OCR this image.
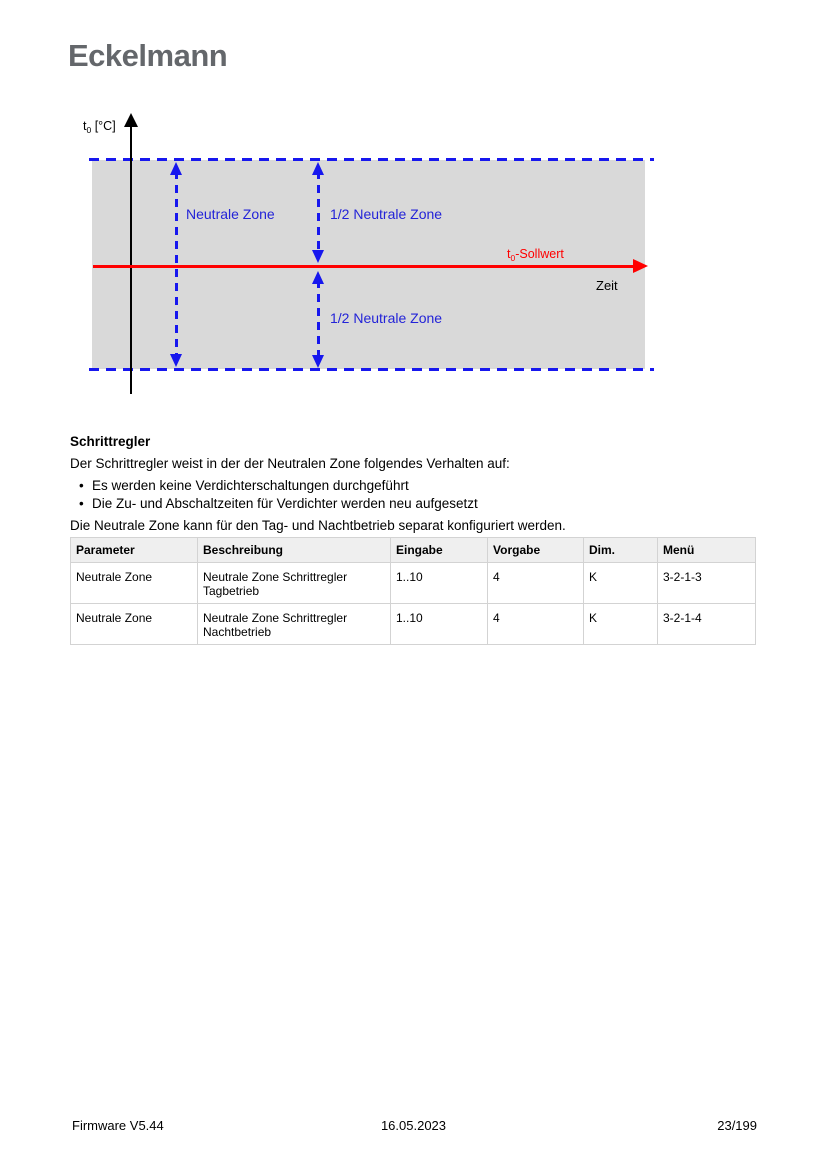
Eckelmann
$t_0$ [°C]
Neutrale Zone	1/2 Neutrale Zone
1/2 Neutrale Zone
$t_0$-Sollwert
Zeit
Schrittregler
Der Schrittregler weist in der der Neutralen Zone folgendes Verhalten auf:
• Es werden keine Verdichterschaltungen durchgeführt
• Die Zu- und Abschaltzeiten für Verdichter werden neu aufgesetzt
Die Neutrale Zone kann für den Tag- und Nachtbetrieb separat konfiguriert werden.
Parameter	Beschreibung	Eingabe	Vorgabe	Dim.	Menü
Neutrale Zone	Neutrale Zone Schrittregler Tagbetrieb	1..10	4	K	3-2-1-3
Neutrale Zone	Neutrale Zone Schrittregler Nachtbetrieb	1..10	4	K	3-2-1-4
Firmware V5.44	16.05.2023	23/199
